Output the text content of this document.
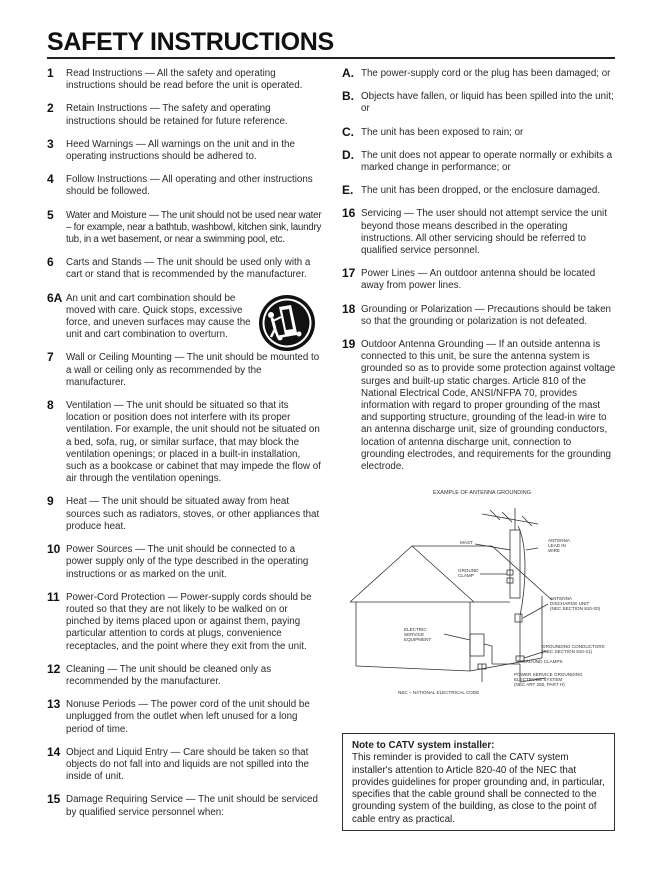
SAFETY INSTRUCTIONS
1 Read Instructions — All the safety and operating instructions should be read before the unit is operated.
2 Retain Instructions — The safety and operating instructions should be retained for future reference.
3 Heed Warnings — All warnings on the unit and in the operating instructions should be adhered to.
4 Follow Instructions — All operating and other instructions should be followed.
5 Water and Moisture — The unit should not be used near water – for example, near a bathtub, washbowl, kitchen sink, laundry tub, in a wet basement, or near a swimming pool, etc.
6 Carts and Stands — The unit should be used only with a cart or stand that is recommended by the manufacturer.
6A An unit and cart combination should be moved with care. Quick stops, excessive force, and uneven surfaces may cause the unit and cart combination to overturn.
7 Wall or Ceiling Mounting — The unit should be mounted to a wall or ceiling only as recommended by the manufacturer.
8 Ventilation — The unit should be situated so that its location or position does not interfere with its proper ventilation. For example, the unit should not be situated on a bed, sofa, rug, or similar surface, that may block the ventilation openings; or placed in a built-in installation, such as a bookcase or cabinet that may impede the flow of air through the ventilation openings.
9 Heat — The unit should be situated away from heat sources such as radiators, stoves, or other appliances that produce heat.
10 Power Sources — The unit should be connected to a power supply only of the type described in the operating instructions or as marked on the unit.
11 Power-Cord Protection — Power-supply cords should be routed so that they are not likely to be walked on or pinched by items placed upon or against them, paying particular attention to cords at plugs, convenience receptacles, and the point where they exit from the unit.
12 Cleaning — The unit should be cleaned only as recommended by the manufacturer.
13 Nonuse Periods — The power cord of the unit should be unplugged from the outlet when left unused for a long period of time.
14 Object and Liquid Entry — Care should be taken so that objects do not fall into and liquids are not spilled into the inside of unit.
15 Damage Requiring Service — The unit should be serviced by qualified service personnel when:
A. The power-supply cord or the plug has been damaged; or
B. Objects have fallen, or liquid has been spilled into the unit; or
C. The unit has been exposed to rain; or
D. The unit does not appear to operate normally or exhibits a marked change in performance; or
E. The unit has been dropped, or the enclosure damaged.
16 Servicing — The user should not attempt service the unit beyond those means described in the operating instructions. All other servicing should be referred to qualified service personnel.
17 Power Lines — An outdoor antenna should be located away from power lines.
18 Grounding or Polarization — Precautions should be taken so that the grounding or polarization is not defeated.
19 Outdoor Antenna Grounding — If an outside antenna is connected to this unit, be sure the antenna system is grounded so as to provide some protection against voltage surges and built-up static charges. Article 810 of the National Electrical Code, ANSI/NFPA 70, provides information with regard to proper grounding of the mast and supporting structure, grounding of the lead-in wire to an antenna discharge unit, size of grounding conductors, location of antenna discharge unit, connection to grounding electrodes, and requirements for the grounding electrode.
EXAMPLE OF ANTENNA GROUNDING
MAST	ANTENNA
LEAD IN
WIRE
GROUND
CLAMP
ANTENNA
DISCHARGE UNIT
(NEC SECTION 810-20)
ELECTRIC
SERVICE
EQUIPMENT
GROUNDING CONDUCTORS
(NEC SECTION 810-21)
GROUND CLAMPS
POWER SERVICE GROUNDING
ELECTRODE SYSTEM
(NEC ART 250, PART H)
NEC – NATIONAL ELECTRICAL CODE
Note to CATV system installer:
This reminder is provided to call the CATV system installer's attention to Article 820-40 of the NEC that provides guidelines for proper grounding and, in particular, specifies that the cable ground shall be connected to the grounding system of the building, as close to the point of cable entry as practical.
